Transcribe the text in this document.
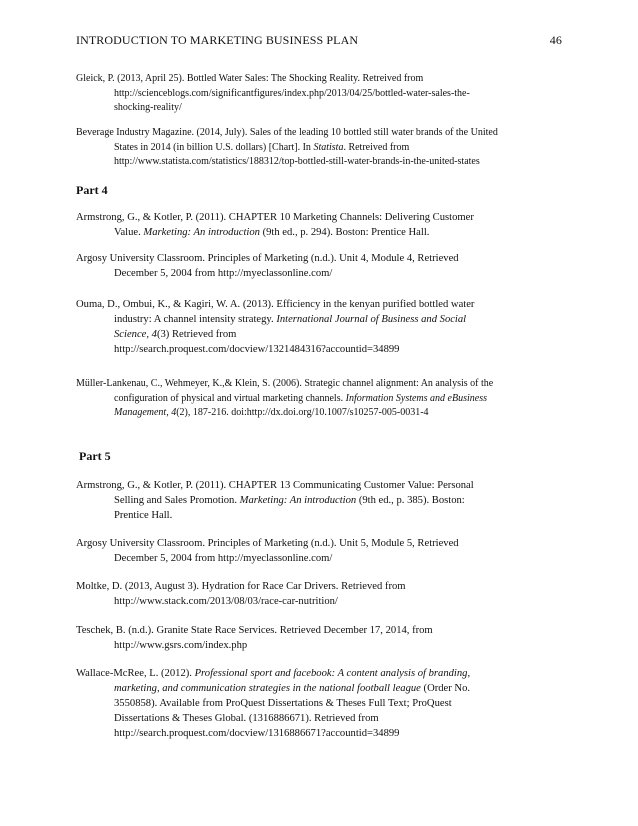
INTRODUCTION TO MARKETING BUSINESS PLAN	46
Gleick, P. (2013, April 25). Bottled Water Sales: The Shocking Reality. Retreived from
http://scienceblogs.com/significantfigures/index.php/2013/04/25/bottled-water-sales-the-
shocking-reality/
Beverage Industry Magazine. (2014, July). Sales of the leading 10 bottled still water brands of the United
States in 2014 (in billion U.S. dollars) [Chart]. In Statista. Retreived from
http://www.statista.com/statistics/188312/top-bottled-still-water-brands-in-the-united-states
Part 4
Armstrong, G., & Kotler, P. (2011). CHAPTER 10 Marketing Channels: Delivering Customer
Value. Marketing: An introduction (9th ed., p. 294). Boston: Prentice Hall.
Argosy University Classroom. Principles of Marketing (n.d.). Unit 4, Module 4, Retrieved
December 5, 2004 from http://myeclassonline.com/
Ouma, D., Ombui, K., & Kagiri, W. A. (2013). Efficiency in the kenyan purified bottled water
industry: A channel intensity strategy. International Journal of Business and Social
Science, 4(3) Retrieved from
http://search.proquest.com/docview/1321484316?accountid=34899
Müller-Lankenau, C., Wehmeyer, K.,& Klein, S. (2006). Strategic channel alignment: An analysis of the
configuration of physical and virtual marketing channels. Information Systems and eBusiness
Management, 4(2), 187-216. doi:http://dx.doi.org/10.1007/s10257-005-0031-4
Part 5
Armstrong, G., & Kotler, P. (2011). CHAPTER 13 Communicating Customer Value: Personal
Selling and Sales Promotion. Marketing: An introduction (9th ed., p. 385). Boston:
Prentice Hall.
Argosy University Classroom. Principles of Marketing (n.d.). Unit 5, Module 5, Retrieved
December 5, 2004 from http://myeclassonline.com/
Moltke, D. (2013, August 3). Hydration for Race Car Drivers. Retrieved from
http://www.stack.com/2013/08/03/race-car-nutrition/
Teschek, B. (n.d.). Granite State Race Services. Retrieved December 17, 2014, from
http://www.gsrs.com/index.php
Wallace-McRee, L. (2012). Professional sport and facebook: A content analysis of branding,
marketing, and communication strategies in the national football league (Order No.
3550858). Available from ProQuest Dissertations & Theses Full Text; ProQuest
Dissertations & Theses Global. (1316886671). Retrieved from
http://search.proquest.com/docview/1316886671?accountid=34899
